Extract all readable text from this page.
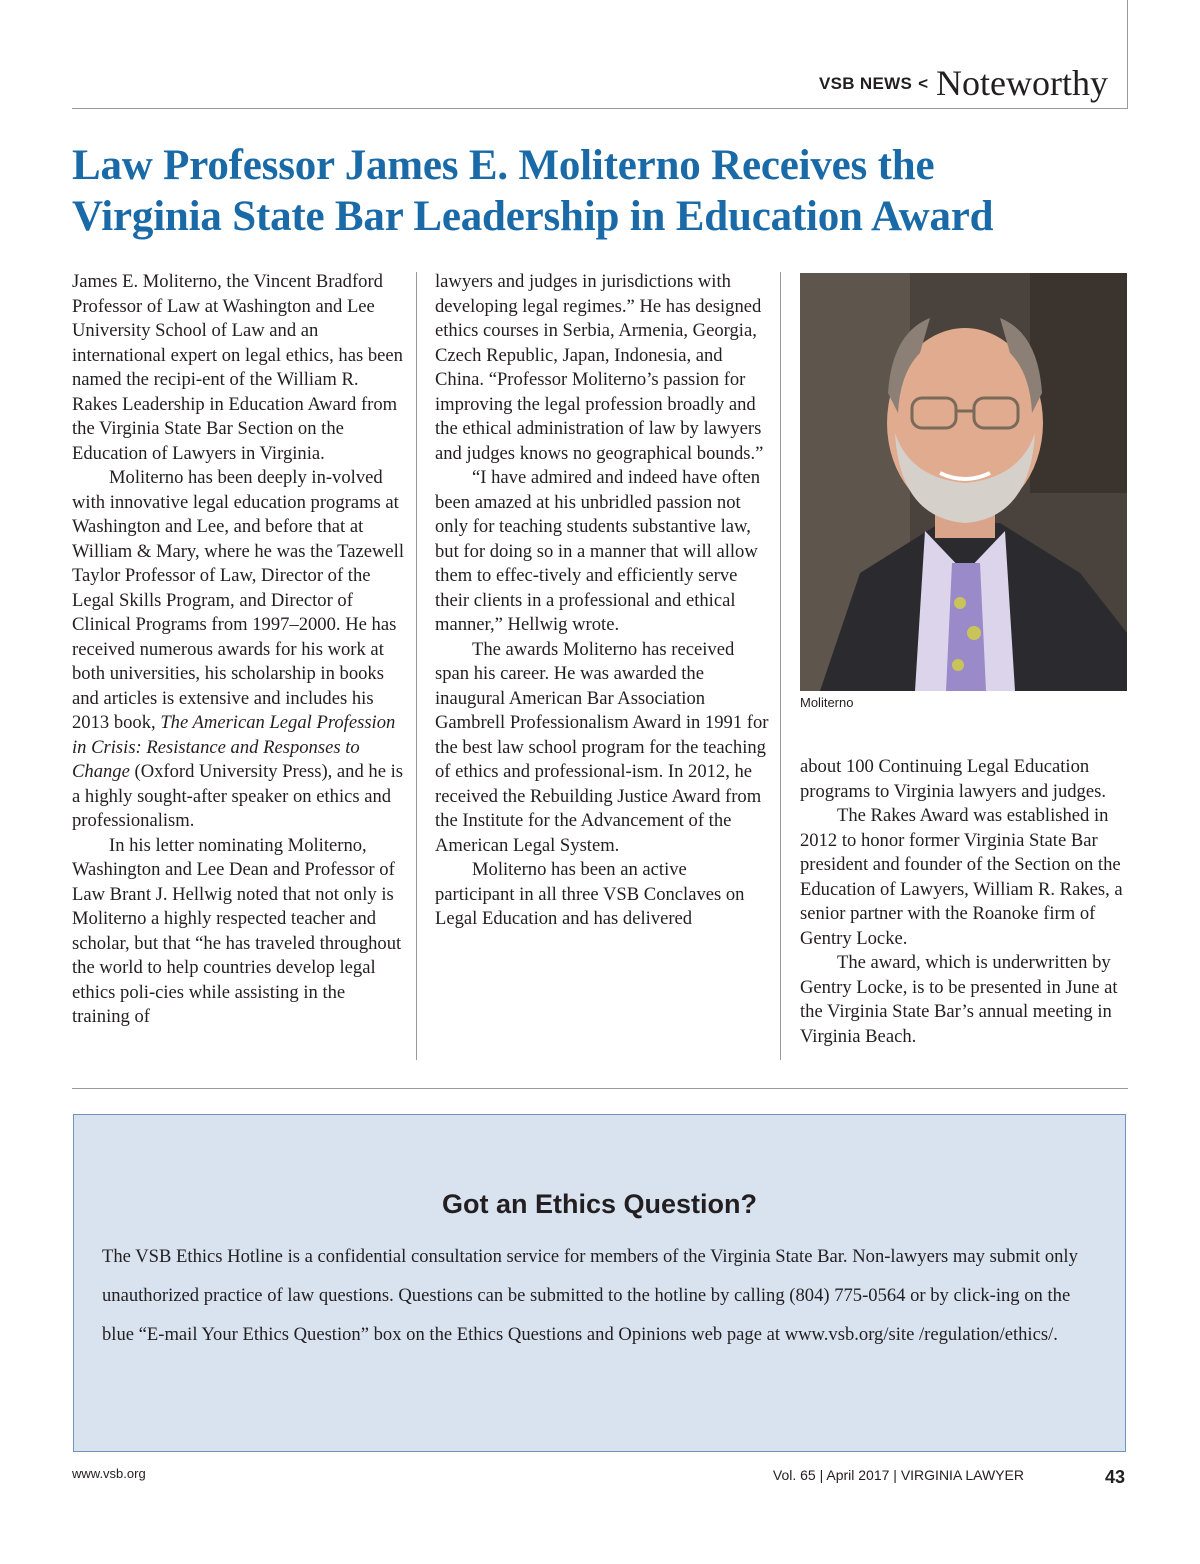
VSB NEWS < Noteworthy
Law Professor James E. Moliterno Receives the
Virginia State Bar Leadership in Education Award

James E. Moliterno, the Vincent Bradford Professor of Law at Washington and Lee University School of Law and an international expert on legal ethics, has been named the recipi-ent of the William R. Rakes Leadership in Education Award from the Virginia State Bar Section on the Education of Lawyers in Virginia.

Moliterno has been deeply in-volved with innovative legal education programs at Washington and Lee, and before that at William & Mary, where he was the Tazewell Taylor Professor of Law, Director of the Legal Skills Program, and Director of Clinical Programs from 1997–2000. He has received numerous awards for his work at both universities, his scholarship in books and articles is extensive and includes his 2013 book, The American Legal Profession in Crisis: Resistance and Responses to Change (Oxford University Press), and he is a highly sought-after speaker on ethics and professionalism.

In his letter nominating Moliterno, Washington and Lee Dean and Professor of Law Brant J. Hellwig noted that not only is Moliterno a highly respected teacher and scholar, but that “he has traveled throughout the world to help countries develop legal ethics poli-cies while assisting in the training of

lawyers and judges in jurisdictions with developing legal regimes.” He has designed ethics courses in Serbia, Armenia, Georgia, Czech Republic, Japan, Indonesia, and China. “Professor Moliterno’s passion for improving the legal profession broadly and the ethical administration of law by lawyers and judges knows no geographical bounds.”

“I have admired and indeed have often been amazed at his unbridled passion not only for teaching students substantive law, but for doing so in a manner that will allow them to effec-tively and efficiently serve their clients in a professional and ethical manner,” Hellwig wrote.

The awards Moliterno has received span his career. He was awarded the inaugural American Bar Association Gambrell Professionalism Award in 1991 for the best law school program for the teaching of ethics and professional-ism. In 2012, he received the Rebuilding Justice Award from the Institute for the Advancement of the American Legal System.

Moliterno has been an active participant in all three VSB Conclaves on Legal Education and has delivered

Moliterno

about 100 Continuing Legal Education programs to Virginia lawyers and judges.

The Rakes Award was established in 2012 to honor former Virginia State Bar president and founder of the Section on the Education of Lawyers, William R. Rakes, a senior partner with the Roanoke firm of Gentry Locke.

The award, which is underwritten by Gentry Locke, is to be presented in June at the Virginia State Bar’s annual meeting in Virginia Beach.

Got an Ethics Question?
The VSB Ethics Hotline is a confidential consultation service for members of the Virginia State Bar. Non-lawyers may submit only unauthorized practice of law questions. Questions can be submitted to the hotline by calling (804) 775-0564 or by click-ing on the blue “E-mail Your Ethics Question” box on the Ethics Questions and Opinions web page at www.vsb.org/site /regulation/ethics/.
www.vsb.org	Vol. 65 | April 2017 | VIRGINIA LAWYER	43
